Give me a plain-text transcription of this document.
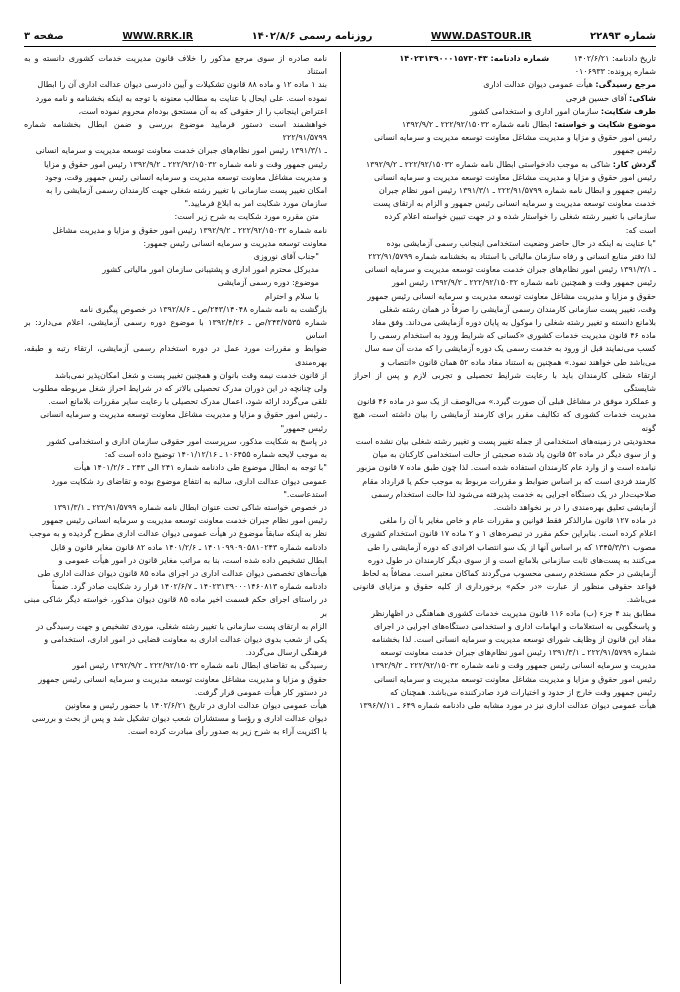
شماره ۲۲۸۹۳
WWW.DASTOUR.IR
روزنامه رسمی ۱۴۰۲/۸/۶
WWW.RRK.IR
صفحه ۳
تاریخ دادنامه: ۱۴۰۲/۶/۲۱ شماره دادنامه: ۱۴۰۲۳۱۳۹۰۰۰۱۵۷۳۰۴۳
شماره پرونده: ۰۱۰۶۹۳۳
مرجع رسیدگی: هیأت عمومی دیوان عدالت اداری
شاکی: آقای حسین فرجی
طرف شکایت: سازمان امور اداری و استخدامی کشور
موضوع شکایت و خواسته: ابطال نامه شماره ۲۲۲/۹۲/۱۵۰۳۲ ـ ۱۳۹۲/۹/۲
رئیس امور حقوق و مزایا و مدیریت مشاغل معاونت توسعه مدیریت و سرمایه انسانی
رئیس جمهور
گردش کار: شاکی به موجب دادخواستی ابطال نامه شماره ۲۲۲/۹۲/۱۵۰۳۲ ـ ۱۳۹۲/۹/۲
رئیس امور حقوق و مزایا و مدیریت مشاغل معاونت توسعه مدیریت و سرمایه انسانی
رئیس جمهور و ابطال نامه شماره ۲۲۲/۹۱/۵۷۹۹ ـ ۱۳۹۱/۳/۱ رئیس امور نظام جبران
خدمت معاونت توسعه مدیریت و سرمایه انسانی رئیس جمهور و الزام به ارتقای پست
سازمانی با تغییر رشته شغلی را خواستار شده و در جهت تبیین خواسته اعلام کرده
است که:
"با عنایت به اینکه در حال حاضر وضعیت استخدامی اینجانب رسمی آزمایشی بوده
لذا دفتر منابع انسانی و رفاه سازمان مالیاتی با استناد به بخشنامه شماره ۲۲۲/۹۱/۵۷۹۹
ـ ۱۳۹۱/۳/۱ رئیس امور نظام‌های جبران خدمت معاونت توسعه مدیریت و سرمایه انسانی
رئیس جمهور وقت و همچنین نامه شماره ۲۲۲/۹۲/۱۵۰۳۲ ـ ۱۳۹۲/۹/۲ رئیس امور
حقوق و مزایا و مدیریت مشاغل معاونت توسعه مدیریت و سرمایه انسانی رئیس جمهور
وقت، تغییر پست سازمانی کارمندان رسمی آزمایشی را صرفاً در همان رشته شغلی
بلامانع دانسته و تغییر رشته شغلی را موکول به پایان دوره آزمایشی می‌داند. وفق مفاد
ماده ۴۶ قانون مدیریت خدمات کشوری «کسانی که شرایط ورود به استخدام رسمی را
کسب می‌نمایند قبل از ورود به خدمت رسمی یک دوره آزمایشی را که مدت آن سه سال
می‌باشد طی خواهند نمود.» همچنین به استناد مفاد ماده ۵۲ همان قانون «انتصاب و
ارتقاء شغلی کارمندان باید با رعایت شرایط تحصیلی و تجربی لازم و پس از احراز شایستگی
و عملکرد موفق در مشاغل قبلی آن صورت گیرد.» می‌الوصف از یک سو در ماده ۴۶ قانون
مدیریت خدمات کشوری که تکالیف مقرر برای کارمند آزمایشی را بیان داشته است، هیچ گونه
محدودیتی در زمینه‌های استخدامی از جمله تغییر پست و تغییر رشته شغلی بیان نشده است
و از سوی دیگر در ماده ۵۲ قانون یاد شده صحبتی از حالت استخدامی کارکنان به میان
نیامده است و از وارد عام کارمندان استفاده شده است. لذا چون طبق ماده ۷ قانون مزبور
کارمند فردی است که بر اساس ضوابط و مقررات مربوط به موجب حکم یا قرارداد مقام
صلاحیت‌دار در یک دستگاه اجرایی به خدمت پذیرفته می‌شود لذا حالت استخدام رسمی
آزمایشی تعلیق بهره‌مندی را در بر نخواهد داشت.
در ماده ۱۲۷ قانون مارالذکر فقط قوانین و مقررات عام و خاص مغایر با آن را ملغی
اعلام کرده است. بنابراین حکم مقرر در تبصره‌های ۱ و ۲ ماده ۱۷ قانون استخدام کشوری
مصوب ۱۳۴۵/۳/۳۱ که بر اساس آنها از یک سو انتصاب افرادی که دوره آزمایشی را طی
می‌کنند به پست‌های ثابت سازمانی بلامانع است و از سوی دیگر کارمندان در طول دوره
آزمایشی در حکم مستخدم رسمی محسوب می‌گردند کماکان معتبر است. مضافاً به لحاظ
قواعد حقوقی منظور از عبارت «در حکم» برخورداری از کلیه حقوق و مزایای قانونی می‌باشد.
مطابق بند ۴ جزء (ب) ماده ۱۱۶ قانون مدیریت خدمات کشوری هماهنگی در اظهارنظر
و پاسخگویی به استعلامات و ابهامات اداری و استخدامی دستگاه‌های اجرایی در اجرای
مفاد این قانون از وظایف شورای توسعه مدیریت و سرمایه انسانی است. لذا بخشنامه
شماره ۲۲۲/۹۱/۵۷۹۹ ـ ۱۳۹۱/۳/۱ رئیس امور نظام‌های جبران خدمت معاونت توسعه
مدیریت و سرمایه انسانی رئیس جمهور وقت و نامه شماره ۲۲۲/۹۲/۱۵۰۳۲ ـ ۱۳۹۲/۹/۲
رئیس امور حقوق و مزایا و مدیریت مشاغل معاونت توسعه مدیریت و سرمایه انسانی
رئیس جمهور وقت خارج از حدود و اختیارات فرد صادرکننده می‌باشد. همچنان که
هیأت عمومی دیوان عدالت اداری نیز در مورد مشابه طی دادنامه شماره ۶۴۹ ـ ۱۳۹۶/۷/۱۱
نامه صادره از سوی مرجع مذکور را خلاف قانون مدیریت خدمات کشوری دانسته و به استناد
بند ۱ ماده ۱۲ و ماده ۸۸ قانون تشکیلات و آیین دادرسی دیوان عدالت اداری آن را ابطال
نموده است. علی ایحال با عنایت به مطالب معنونه با توجه به اینکه بخشنامه و نامه مورد
اعتراض اینجانب را از حقوقی که به آن مستحق بوده‌ام محروم نموده است،
خواهشمند است دستور فرمایید موضوع بررسی و ضمن ابطال بخشنامه شماره ۲۲۲/۹۱/۵۷۹۹
ـ ۱۳۹۱/۳/۱ رئیس امور نظام‌های جبران خدمت معاونت توسعه مدیریت و سرمایه انسانی
رئیس جمهور وقت و نامه شماره ۲۲۲/۹۲/۱۵۰۳۲ ـ ۱۳۹۲/۹/۲ رئیس امور حقوق و مزایا
و مدیریت مشاغل معاونت توسعه مدیریت و سرمایه انسانی رئیس جمهور وقت، وجود
امکان تغییر پست سازمانی با تغییر رشته شغلی جهت کارمندان رسمی آزمایشی را به
سازمان مورد شکایت امر به ابلاغ فرمایید."
متن مقرره مورد شکایت به شرح زیر است:
نامه شماره ۲۲۲/۹۲/۱۵۰۳۲ ـ ۱۳۹۲/۹/۲ رئیس امور حقوق و مزایا و مدیریت مشاغل
معاونت توسعه مدیریت و سرمایه انسانی رئیس جمهور:
"جناب آقای نوروزی
مدیرکل محترم امور اداری و پشتیبانی سازمان امور مالیاتی کشور
موضوع: دوره رسمی آزمایشی
با سلام و احترام
بازگشت به نامه شماره ۲۴۳/۱۴۰۴۸/ص ـ ۱۳۹۲/۸/۶ در خصوص پیگیری نامه
شماره ۲۴۳/۷۵۳۵/ص ـ ۱۳۹۲/۴/۲۶ با موضوع دوره رسمی آزمایشی، اعلام می‌دارد: بر اساس
ضوابط و مقررات مورد عمل در دوره استخدام رسمی آزمایشی، ارتقاء رتبه و طبقه، بهره‌مندی
از قانون خدمت نیمه وقت بانوان و همچنین تغییر پست و شغل امکان‌پذیر نمی‌باشد
ولی چنانچه در این دوران مدرک تحصیلی بالاتر که در شرایط احراز شغل مربوطه مطلوب
تلقی می‌گردد ارائه شود، اعمال مدرک تحصیلی با رعایت سایر مقررات بلامانع است.
ـ رئیس امور حقوق و مزایا و مدیریت مشاغل معاونت توسعه مدیریت و سرمایه انسانی
رئیس جمهور"
در پاسخ به شکایت مذکور، سرپرست امور حقوقی سازمان اداری و استخدامی کشور
به موجب لایحه شماره ۱۰۶۴۵۵ ـ ۱۴۰۱/۱۲/۱۶ توضیح داده است که:
"با توجه به ابطال موضوع طی دادنامه شماره ۲۴۱ الی ۲۴۳ ـ ۱۴۰۱/۲/۶ هیأت
عمومی دیوان عدالت اداری، سالبه به انتفاع موضوع بوده و تقاضای رد شکایت مورد
استدعاست."
در خصوص خواسته شاکی تحت عنوان ابطال نامه شماره ۲۲۲/۹۱/۵۷۹۹ ـ ۱۳۹۱/۳/۱
رئیس امور نظام جبران خدمت معاونت توسعه مدیریت و سرمایه انسانی رئیس جمهور
نظر به اینکه سابقاً موضوع در هیأت عمومی دیوان عدالت اداری مطرح گردیده و به موجب
دادنامه شماره ۱۴۰۱۰۹۹۰۹۰۵۸۱۰۲۴۳ ـ ۱۴۰۱/۲/۶ ماده ۸۲ قانون مغایر قانون و قابل
ابطال تشخیص داده شده است، بنا به مراتب مغایر قانون در امور هیأت عمومی و
هیأت‌های تخصصی دیوان عدالت اداری در اجرای ماده ۸۵ قانون دیوان عدالت اداری طی
دادنامه شماره ۱۴۰۲۳۱۳۹۰۰۰۱۴۶۰۸۱۳ ـ ۱۴۰۲/۶/۷ قرار رد شکایت صادر گرد. ضمناً
در راستای اجرای حکم قسمت اخیر ماده ۸۵ قانون دیوان مذکور، خواسته دیگر شاکی مبنی بر
الزام به ارتقای پست سازمانی با تغییر رشته شغلی، موردی تشخیص و جهت رسیدگی در
یکی از شعب بدوی دیوان عدالت اداری به معاونت قضایی در امور اداری، استخدامی و
فرهنگی ارسال می‌گردد.
رسیدگی به تقاضای ابطال نامه شماره ۲۲۲/۹۲/۱۵۰۳۲ ـ ۱۳۹۲/۹/۲ رئیس امور
حقوق و مزایا و مدیریت مشاغل معاونت توسعه مدیریت و سرمایه انسانی رئیس جمهور
در دستور کار هیأت عمومی قرار گرفت.
هیأت عمومی دیوان عدالت اداری در تاریخ ۱۴۰۲/۶/۲۱ با حضور رئیس و معاونین
دیوان عدالت اداری و رؤسا و مستشاران شعب دیوان تشکیل شد و پس از بحث و بررسی
با اکثریت آراء به شرح زیر به صدور رأی مبادرت کرده است.
